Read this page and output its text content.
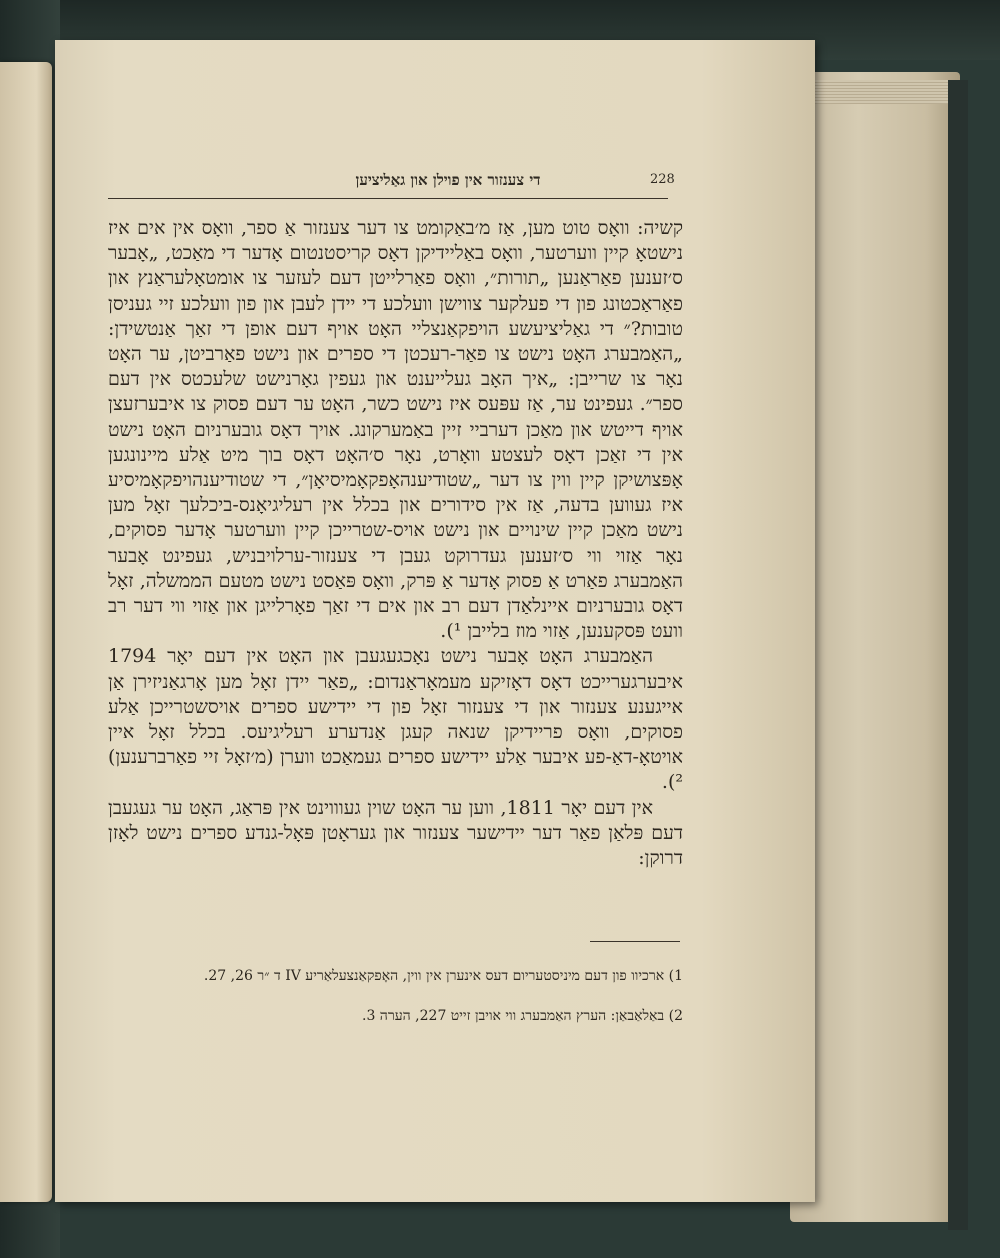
228
די צענזור אין פוילן און גאַליציען

קשיה: וואָס טוט מען, אַז מ׳באַקומט צו דער צענזור אַ ספר, וואָס אין אים איז נישטאָ קיין ווערטער, וואָס באַליידיקן דאָס קריסטנטום אָדער די מאַכט, „אָבער ס׳זענען פאַראַנען „תורות״, וואָס פאַרלייטן דעם לעזער צו אומטאָלעראַנץ און פאַראַכטונג פון די פעלקער צווישן וועלכע די יידן לעבן און פון וועלכע זיי געניסן טובות?״ די גאַליציעשע הויפקאַנצליי האָט אויף דעם אופן די זאַך אַנטשידן: „האַמבערג האָט נישט צו פאַר-רעכטן די ספרים און נישט פאַרביטן, ער האָט נאָר צו שרייבן: „איך האָב געלייענט און געפין גאָרנישט שלעכטס אין דעם ספר״. געפינט ער, אַז עפּעס איז נישט כשר, האָט ער דעם פסוק צו איבערזעצן אויף דייטש און מאַכן דערביי זיין באַמערקונג. אויך דאָס גובערניום האָט נישט אין די זאַכן דאָס לעצטע וואָרט, נאָר ס׳האָט דאָס בוך מיט אַלע מיינונגען אָפּצושיקן קיין ווין צו דער „שטודיענהאָפקאָמיסיאָן״, די שטודיענהויפקאָמיסיע איז געווען בדעה, אַז אין סידורים און בכלל אין רעליגיאָנס-ביכלעך זאָל מען נישט מאַכן קיין שינויים און נישט אויס-שטרייכן קיין ווערטער אָדער פסוקים, נאָר אַזוי ווי ס׳זענען געדרוקט געבן די צענזור-ערלויבניש, געפינט אָבער האַמבערג פאַרט אַ פסוק אָדער אַ פּרק, וואָס פּאַסט נישט מטעם הממשלה, זאָל דאָס גובערניום איינלאַדן דעם רב און אים די זאַך פאָרלייגן און אַזוי ווי דער רב וועט פּסקענען, אַזוי מוז בלייבן ¹).

האַמבערג האָט אָבער נישט נאָכגעגעבן און האָט אין דעם יאָר 1794 איבערגערייכט דאָס דאָזיקע מעמאָראַנדום: „פאַר יידן זאָל מען אָרגאַניזירן אַן אייגענע צענזור און די צענזור זאָל פון די יידישע ספרים אויסשטרייכן אַלע פסוקים, וואָס פריידיקן שנאה קעגן אַנדערע רעליגיעס. בכלל זאָל איין אויטאָ-דאַ-פע איבער אַלע יידישע ספרים געמאַכט ווערן (מ׳זאָל זיי פאַרברענען) ²).

אין דעם יאָר 1811, ווען ער האָט שוין געוווינט אין פּראַג, האָט ער געגעבן דעם פּלאַן פאַר דער יידישער צענזור און געראָטן פּאָל-גנדע ספרים נישט לאָזן דרוקן:

1) ארכיוו פון דעם מיניסטעריום דעס אינערן אין ווין, האָפקאַנצעלאַריע IV ד ״ר 26, 27.

2) באַלאַבאַן: הערץ האַמבערג ווי אויבן זייט 227, הערה 3.
